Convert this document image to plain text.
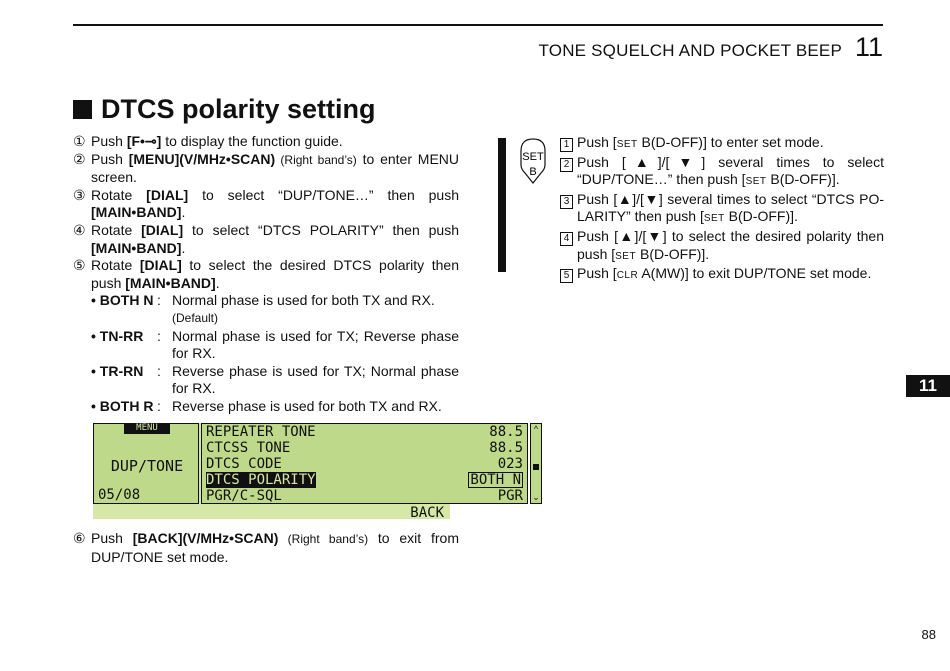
TONE SQUELCH AND POCKET BEEP 11
DTCS polarity setting
① Push [F•⊸] to display the function guide.
② Push [MENU](V/MHz•SCAN) (Right band’s) to enter MENU screen.
③ Rotate [DIAL] to select “DUP/TONE…” then push [MAIN•BAND].
④ Rotate [DIAL] to select “DTCS POLARITY” then push [MAIN•BAND].
⑤ Rotate [DIAL] to select the desired DTCS polarity then push [MAIN•BAND].
• BOTH N : Normal phase is used for both TX and RX.
(Default)
• TN-RR : Normal phase is used for TX; Reverse phase for RX.
• TR-RN : Reverse phase is used for TX; Normal phase for RX.
• BOTH R : Reverse phase is used for both TX and RX.
MENU
DUP/TONE
05/08
REPEATER TONE	88.5
CTCSS TONE	88.5
DTCS CODE	023
DTCS POLARITY	BOTH N
PGR/C-SQL	PGR
^
⌄
BACK
⑥ Push [BACK](V/MHz•SCAN) (Right band’s) to exit from DUP/TONE set mode.
SET
B
1 Push [SET B(D-OFF)] to enter set mode.
2 Push [▲]/[▼] several times to select “DUP/TONE…” then push [SET B(D-OFF)].
3 Push [▲]/[▼] several times to select “DTCS PO-LARITY” then push [SET B(D-OFF)].
4 Push [▲]/[▼] to select the desired polarity then push [SET B(D-OFF)].
5 Push [CLR A(MW)] to exit DUP/TONE set mode.
11
88
